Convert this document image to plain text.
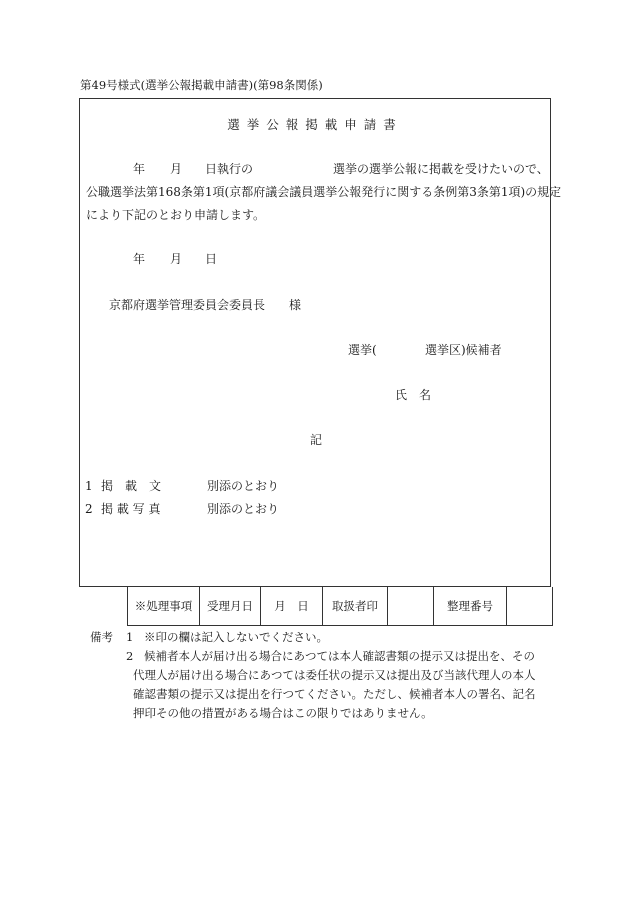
第49号様式(選挙公報掲載申請書)(第98条関係)
選挙公報掲載申請書
年 月 日執行の	選挙の選挙公報に掲載を受けたいので、
公職選挙法第168条第1項(京都府議会議員選挙公報発行に関する条例第3条第1項)の規定
により下記のとおり申請します。
年 月 日
京都府選挙管理委員会委員長　　様
選挙(	選挙区)候補者
氏　名
記
1 掲　載　文	別添のとおり
2 掲 載 写 真	別添のとおり
※処理事項	受理月日	月　日	取扱者印	整理番号
備考 1 ※印の欄は記入しないでください。
2 候補者本人が届け出る場合にあつては本人確認書類の提示又は提出を、その
代理人が届け出る場合にあつては委任状の提示又は提出及び当該代理人の本人
確認書類の提示又は提出を行つてください。ただし、候補者本人の署名、記名
押印その他の措置がある場合はこの限りではありません。
